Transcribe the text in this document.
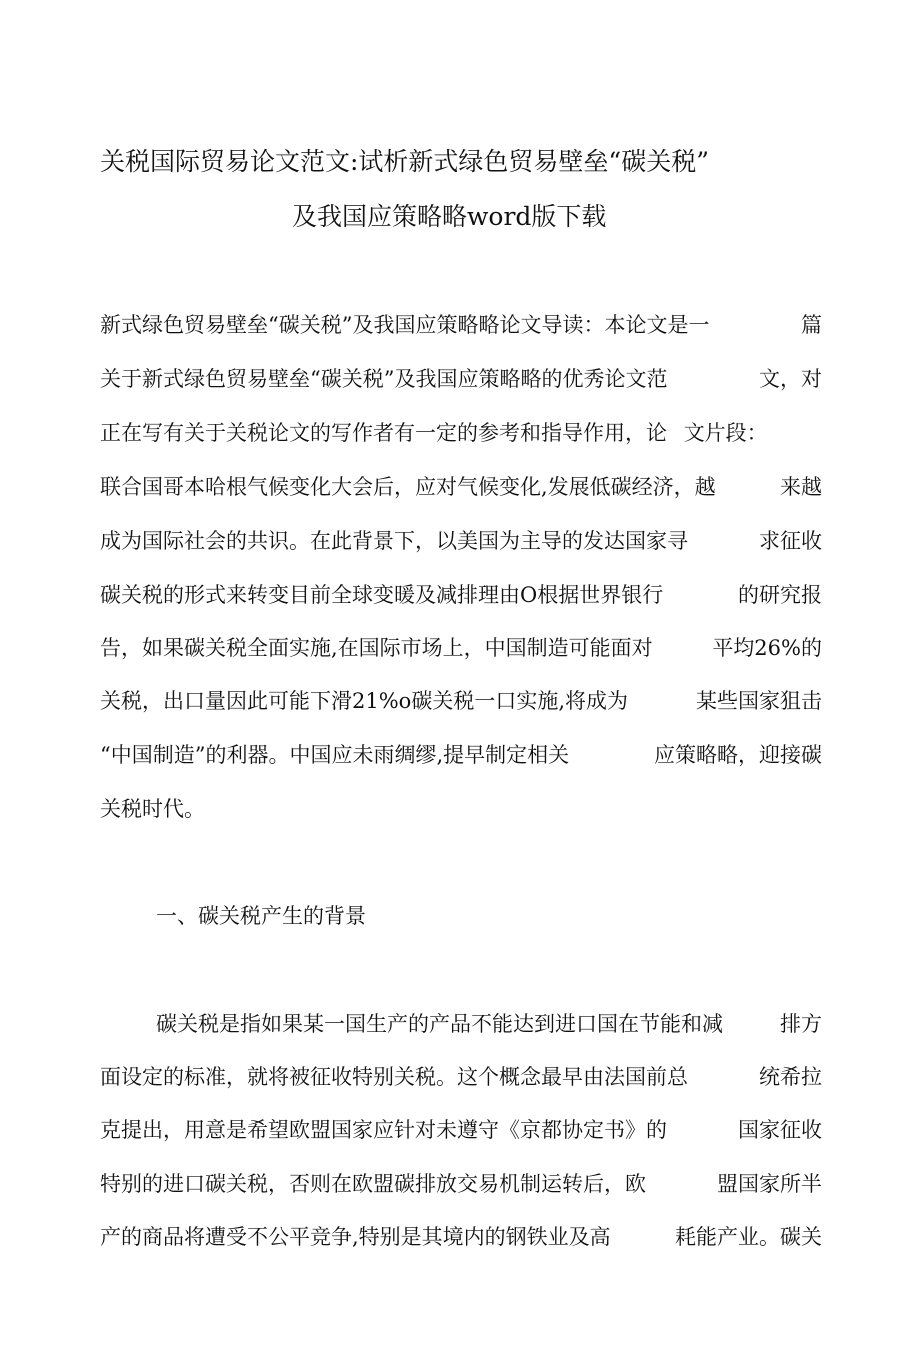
关税国际贸易论文范文:试析新式绿色贸易壁垒“碳关税”
及我国应策略略word版下载
新式绿色贸易壁垒“碳关税”及我国应策略略论文导读：本论文是一	篇
关于新式绿色贸易壁垒“碳关税”及我国应策略略的优秀论文范	文，对
正在写有关于关税论文的写作者有一定的参考和指导作用，论 文片段：
联合国哥本哈根气候变化大会后，应对气候变化,发展低碳经济，越	来越
成为国际社会的共识。在此背景下，以美国为主导的发达国家寻	求征收
碳关税的形式来转变目前全球变暖及减排理由O根据世界银行	的研究报
告，如果碳关税全面实施,在国际市场上，中国制造可能面对	平均26%的
关税，出口量因此可能下滑21%o碳关税一口实施,将成为	某些国家狙击
“中国制造”的利器。中国应未雨绸缪,提早制定相关	应策略略，迎接碳
关税时代。
一、碳关税产生的背景
碳关税是指如果某一国生产的产品不能达到进口国在节能和减	排方
面设定的标准，就将被征收特别关税。这个概念最早由法国前总	统希拉
克提出，用意是希望欧盟国家应针对未遵守《京都协定书》的	国家征收
特别的进口碳关税，否则在欧盟碳排放交易机制运转后，欧	盟国家所半
产的商品将遭受不公平竞争,特别是其境内的钢铁业及高	耗能产业。碳关
